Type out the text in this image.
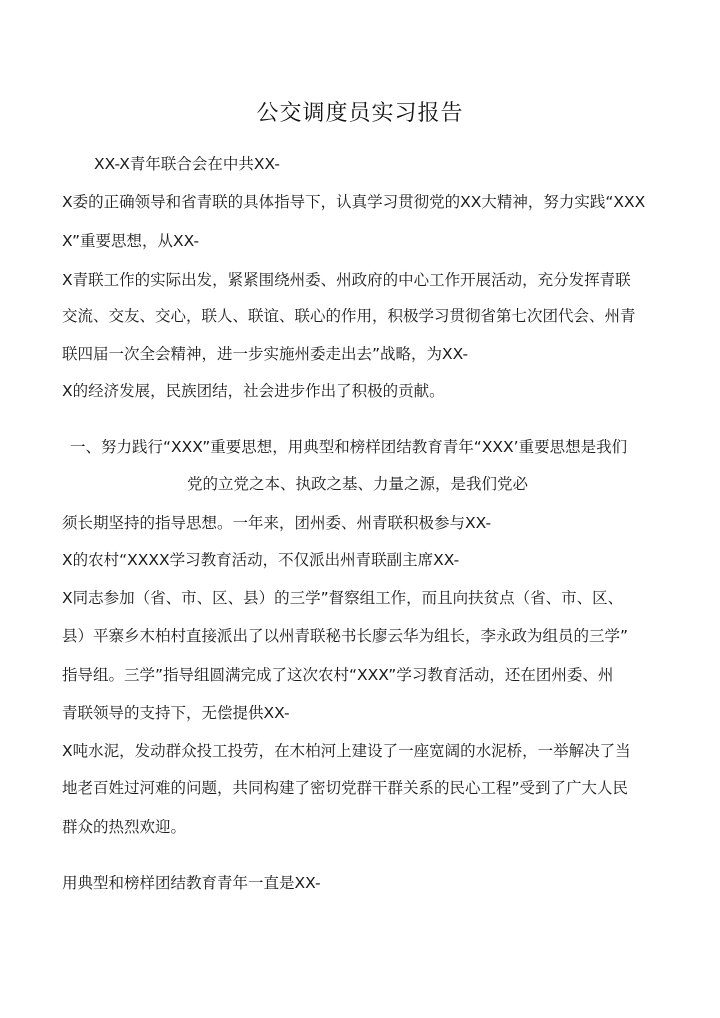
公交调度员实习报告
XX-X青年联合会在中共XX-
X委的正确领导和省青联的具体指导下，认真学习贯彻党的XX大精神，努力实践“XXX
X”重要思想，从XX-
X青联工作的实际出发，紧紧围绕州委、州政府的中心工作开展活动，充分发挥青联
交流、交友、交心，联人、联谊、联心的作用，积极学习贯彻省第七次团代会、州青
联四届一次全会精神，进一步实施州委走出去”战略，为XX-
X的经济发展，民族团结，社会进步作出了积极的贡献。
一、努力践行“XXX”重要思想，用典型和榜样团结教育青年“XXX’重要思想是我们
党的立党之本、执政之基、力量之源，是我们党必
须长期坚持的指导思想。一年来，团州委、州青联积极参与XX-
X的农村“XXXX学习教育活动，不仅派出州青联副主席XX-
X同志参加（省、市、区、县）的三学”督察组工作，而且向扶贫点（省、市、区、
县）平寨乡木柏村直接派出了以州青联秘书长廖云华为组长，李永政为组员的三学”
指导组。三学”指导组圆满完成了这次农村“XXX”学习教育活动，还在团州委、州
青联领导的支持下，无偿提供XX-
X吨水泥，发动群众投工投劳，在木柏河上建设了一座宽阔的水泥桥，一举解决了当
地老百姓过河难的问题，共同构建了密切党群干群关系的民心工程”受到了广大人民
群众的热烈欢迎。
用典型和榜样团结教育青年一直是XX-
